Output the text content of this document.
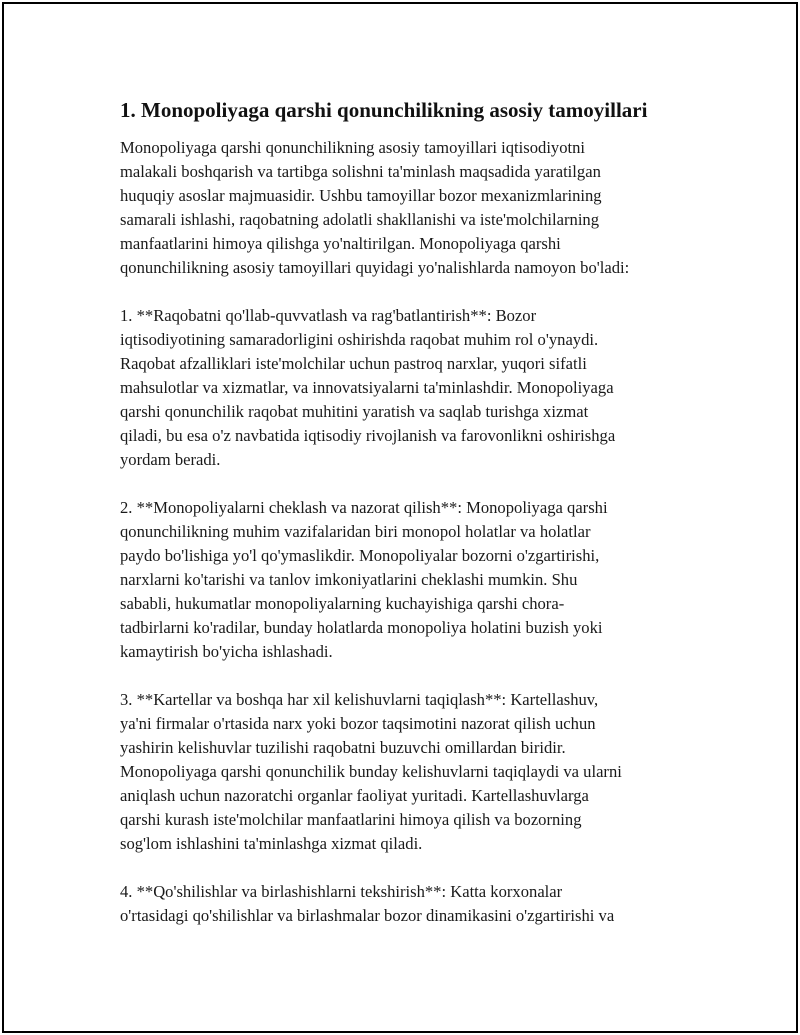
1. Monopoliyaga qarshi qonunchilikning asosiy tamoyillari
Monopoliyaga qarshi qonunchilikning asosiy tamoyillari iqtisodiyotni
malakali boshqarish va tartibga solishni ta'minlash maqsadida yaratilgan
huquqiy asoslar majmuasidir. Ushbu tamoyillar bozor mexanizmlarining
samarali ishlashi, raqobatning adolatli shakllanishi va iste'molchilarning
manfaatlarini himoya qilishga yo'naltirilgan. Monopoliyaga qarshi
qonunchilikning asosiy tamoyillari quyidagi yo'nalishlarda namoyon bo'ladi:
1. **Raqobatni qo'llab-quvvatlash va rag'batlantirish**: Bozor
iqtisodiyotining samaradorligini oshirishda raqobat muhim rol o'ynaydi.
Raqobat afzalliklari iste'molchilar uchun pastroq narxlar, yuqori sifatli
mahsulotlar va xizmatlar, va innovatsiyalarni ta'minlashdir. Monopoliyaga
qarshi qonunchilik raqobat muhitini yaratish va saqlab turishga xizmat
qiladi, bu esa o'z navbatida iqtisodiy rivojlanish va farovonlikni oshirishga
yordam beradi.
2. **Monopoliyalarni cheklash va nazorat qilish**: Monopoliyaga qarshi
qonunchilikning muhim vazifalaridan biri monopol holatlar va holatlar
paydo bo'lishiga yo'l qo'ymaslikdir. Monopoliyalar bozorni o'zgartirishi,
narxlarni ko'tarishi va tanlov imkoniyatlarini cheklashi mumkin. Shu
sababli, hukumatlar monopoliyalarning kuchayishiga qarshi chora-
tadbirlarni ko'radilar, bunday holatlarda monopoliya holatini buzish yoki
kamaytirish bo'yicha ishlashadi.
3. **Kartellar va boshqa har xil kelishuvlarni taqiqlash**: Kartellashuv,
ya'ni firmalar o'rtasida narx yoki bozor taqsimotini nazorat qilish uchun
yashirin kelishuvlar tuzilishi raqobatni buzuvchi omillardan biridir.
Monopoliyaga qarshi qonunchilik bunday kelishuvlarni taqiqlaydi va ularni
aniqlash uchun nazoratchi organlar faoliyat yuritadi. Kartellashuvlarga
qarshi kurash iste'molchilar manfaatlarini himoya qilish va bozorning
sog'lom ishlashini ta'minlashga xizmat qiladi.
4. **Qo'shilishlar va birlashishlarni tekshirish**: Katta korxonalar
o'rtasidagi qo'shilishlar va birlashmalar bozor dinamikasini o'zgartirishi va
